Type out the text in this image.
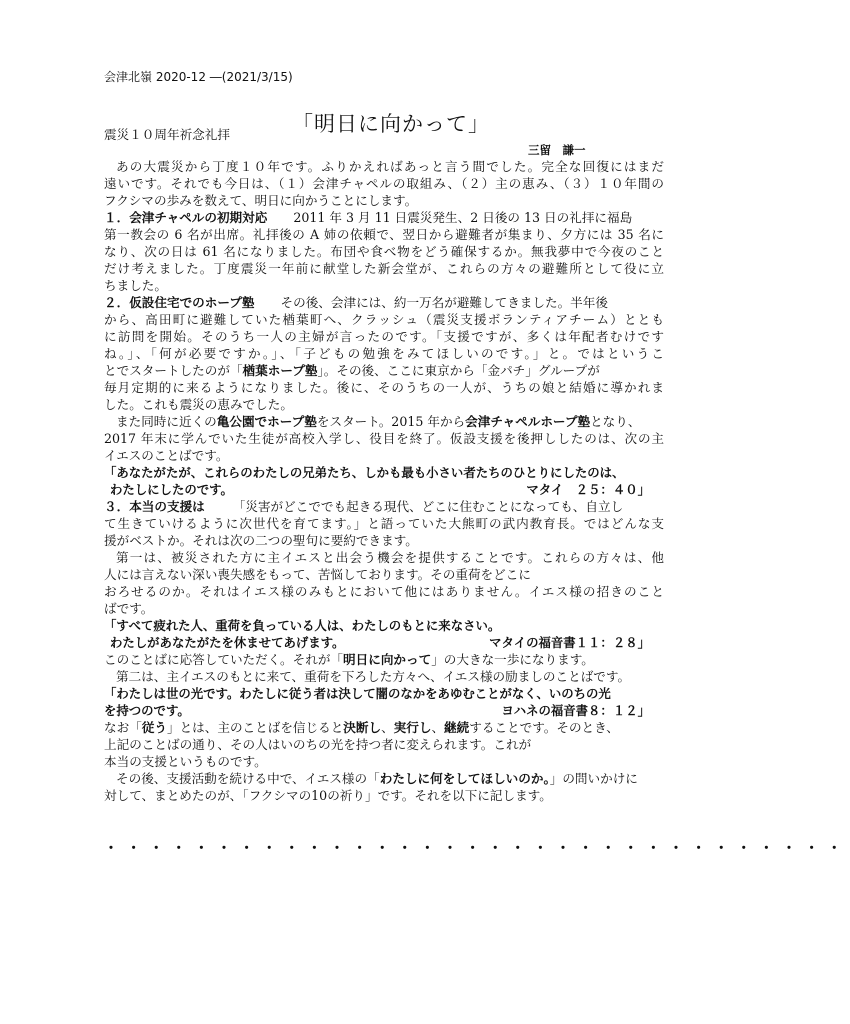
会津北嶺 2020-12 ―(2021/3/15)
震災１０周年祈念礼拝	「明日に向かって」
三留　謙一
あの大震災から丁度１０年です。ふりかえればあっと言う間でした。完全な回復にはまだ
遠いです。それでも今日は、（１）会津チャペルの取組み、（２）主の恵み、（３）１０年間の
フクシマの歩みを数えて、明日に向かうことにします。
１．会津チャペルの初期対応 2011 年 3 月 11 日震災発生、2 日後の 13 日の礼拝に福島
第一教会の 6 名が出席。礼拝後の A 姉の依頼で、翌日から避難者が集まり、夕方には 35 名に
なり、次の日は 61 名になりました。布団や食べ物をどう確保するか。無我夢中で今夜のこと
だけ考えました。丁度震災一年前に献堂した新会堂が、これらの方々の避難所として役に立
ちました。
２．仮設住宅でのホープ塾 その後、会津には、約一万名が避難してきました。半年後
から、高田町に避難していた楢葉町へ、クラッシュ（震災支援ボランティアチーム）ととも
に訪問を開始。そのうち一人の主婦が言ったのです。「支援ですが、多くは年配者むけです
ね。」、「何が必要ですか。」、「子どもの勉強をみてほしいのです。」と。ではというこ
とでスタートしたのが「楢葉ホープ塾」。その後、ここに東京から「金パチ」グループが
毎月定期的に来るようになりました。後に、そのうちの一人が、うちの娘と結婚に導かれま
した。これも震災の恵みでした。
また同時に近くの亀公園でホープ塾をスタート。2015 年から会津チャペルホープ塾となり、
2017 年末に学んでいた生徒が高校入学し、役目を終了。仮設支援を後押ししたのは、次の主
イエスのことばです。
「あなたがたが、これらのわたしの兄弟たち、しかも最も小さい者たちのひとりにしたのは、
わたしにしたのです。	マタイ　２５：４０」
３．本当の支援は 「災害がどこででも起きる現代、どこに住むことになっても、自立し
て生きていけるように次世代を育てます。」と語っていた大熊町の武内教育長。ではどんな支
援がベストか。それは次の二つの聖句に要約できます。
第一は、被災された方に主イエスと出会う機会を提供することです。これらの方々は、他
人には言えない深い喪失感をもって、苦悩しております。その重荷をどこに
おろせるのか。それはイエス様のみもとにおいて他にはありません。イエス様の招きのこと
ばです。
「すべて疲れた人、重荷を負っている人は、わたしのもとに来なさい。
わたしがあなたがたを休ませてあげます。	マタイの福音書１１：２８」
このことばに応答していただく。それが「明日に向かって」の大きな一歩になります。
第二は、主イエスのもとに来て、重荷を下ろした方々へ、イエス様の励ましのことばです。
「わたしは世の光です。わたしに従う者は決して闇のなかをあゆむことがなく、いのちの光
を持つのです。	ヨハネの福音書８：１２」
なお「従う」とは、主のことばを信じると決断し、実行し、継続することです。そのとき、
上記のことばの通り、その人はいのちの光を持つ者に変えられます。これが
本当の支援というものです。
その後、支援活動を続ける中で、イエス様の「わたしに何をしてほしいのか。」の問いかけに
対して、まとめたのが、「フクシマの10の祈り」です。それを以下に記します。
・・・・・・・・・・・・・・・・・・・・・・・・・・・・・・・・・
